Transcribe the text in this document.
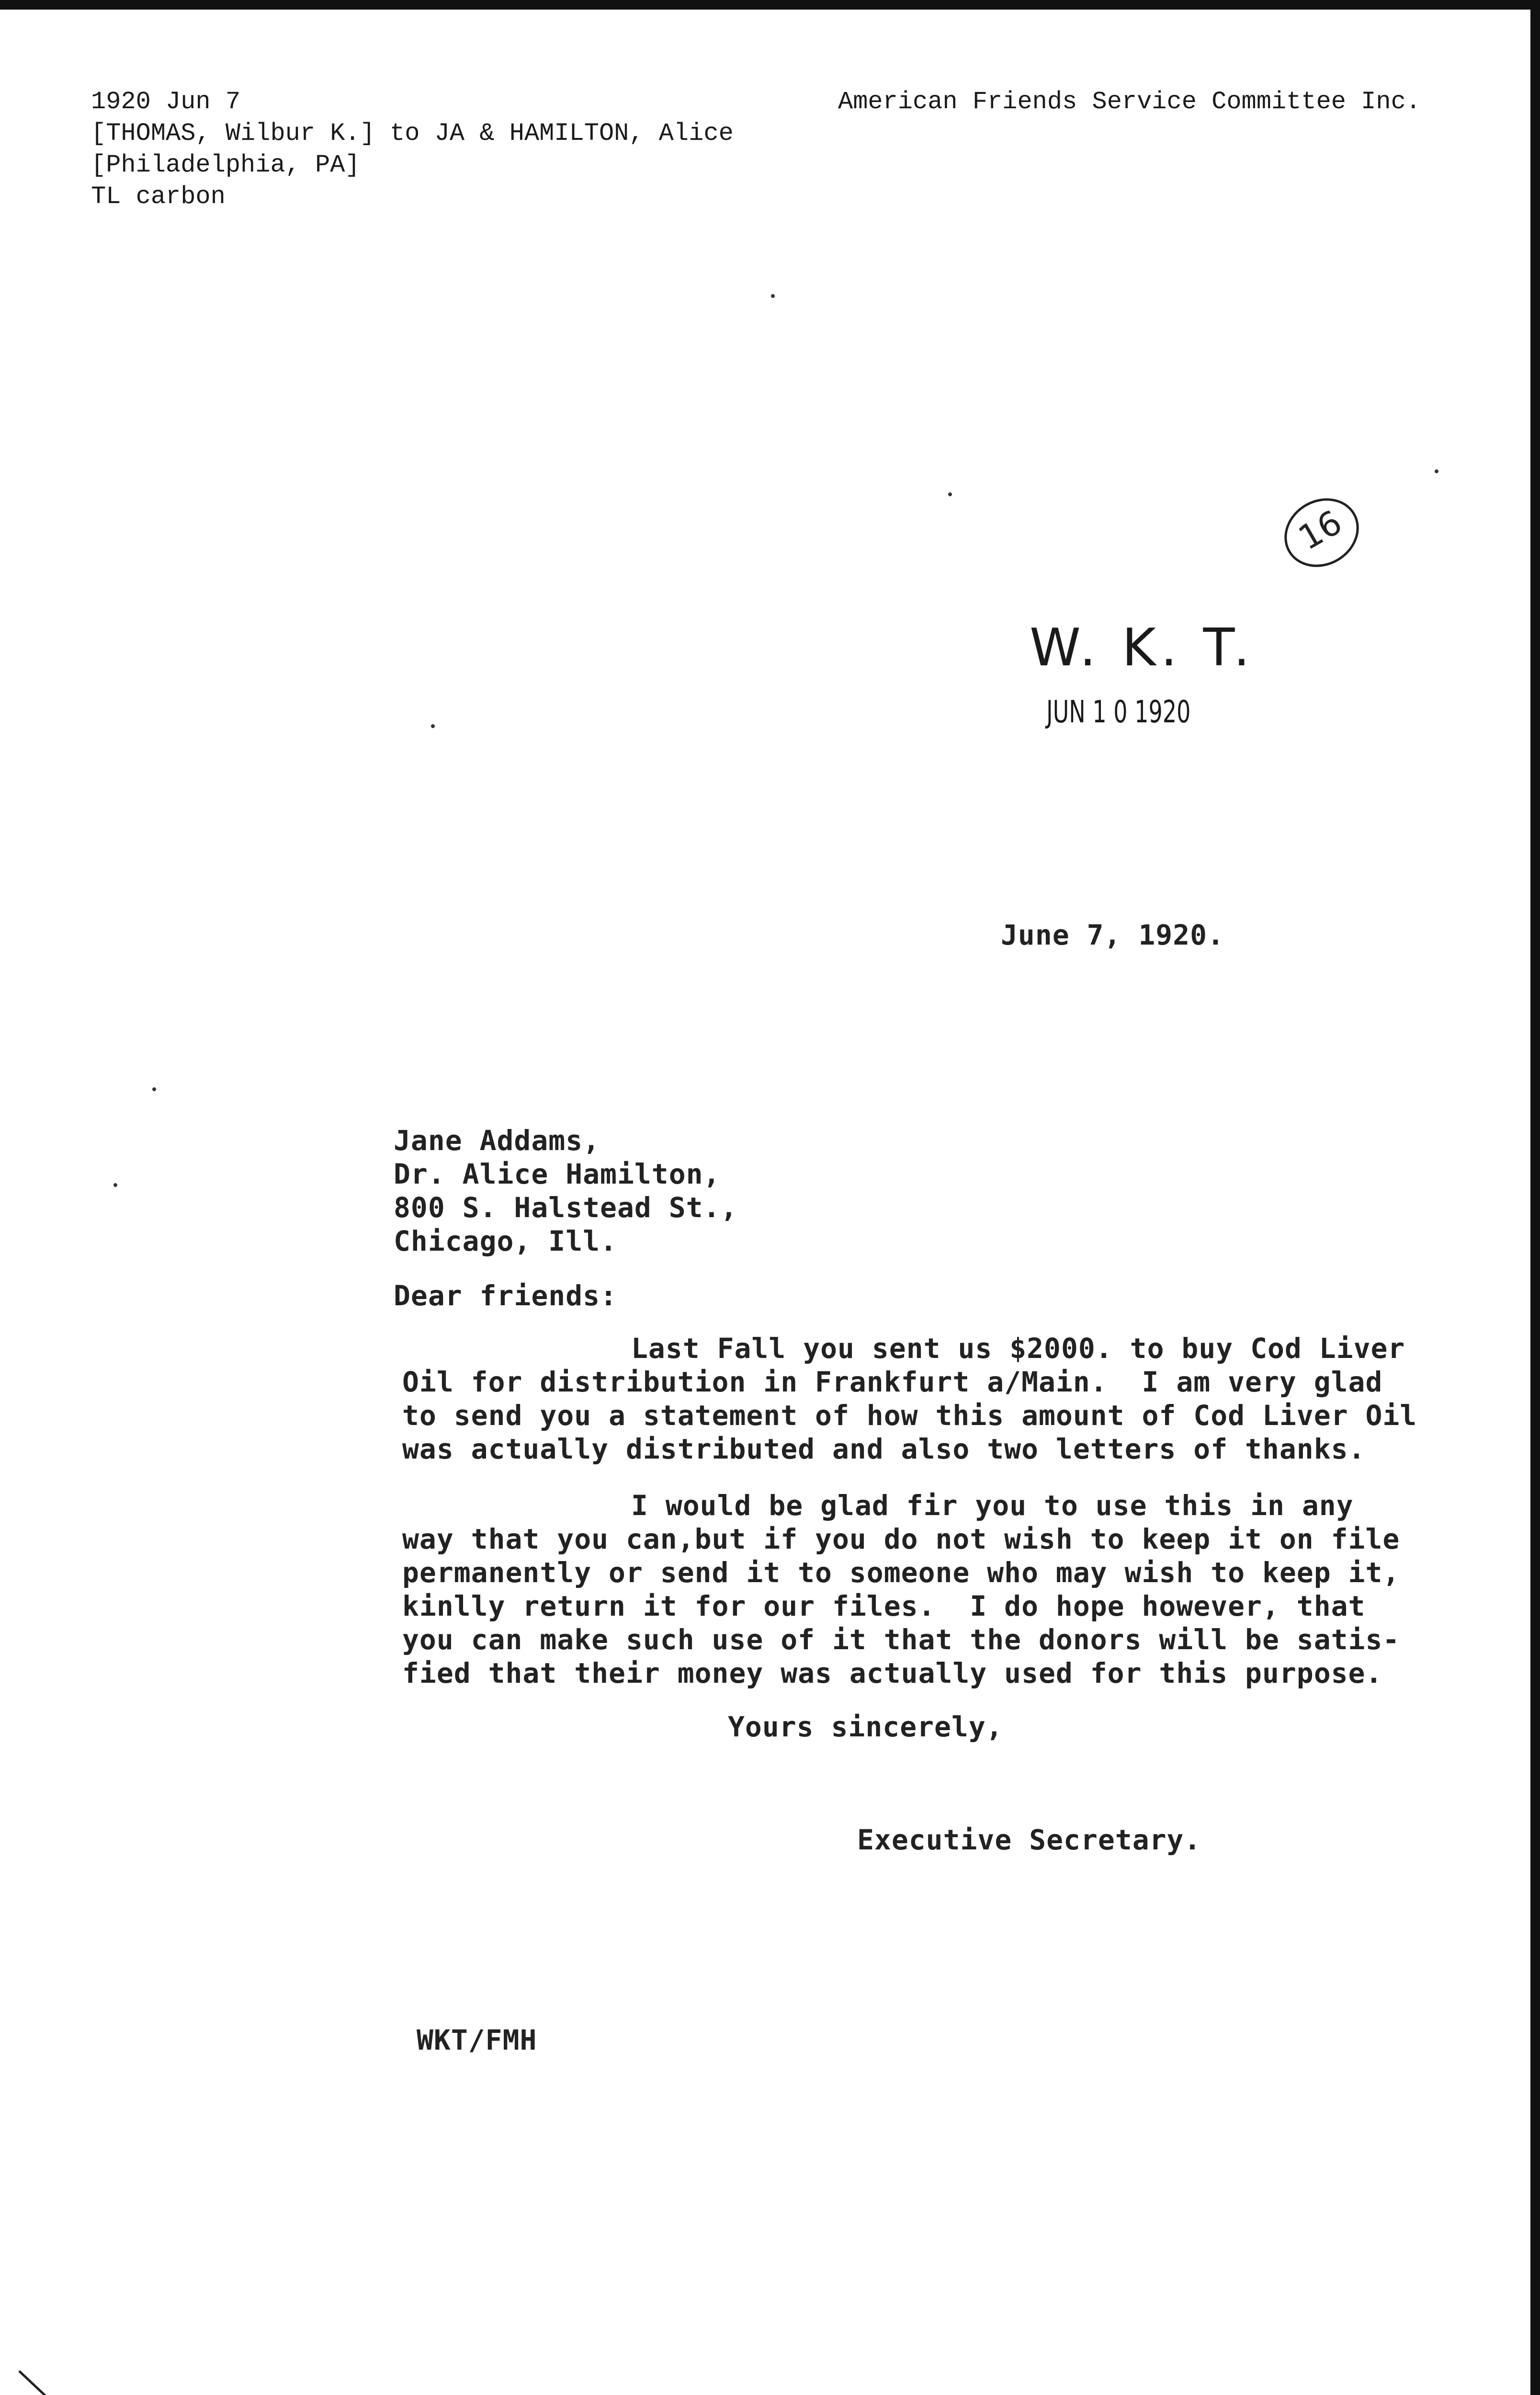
1920 Jun 7
[THOMAS, Wilbur K.] to JA & HAMILTON, Alice
[Philadelphia, PA]
TL carbon
American Friends Service Committee Inc.
16
W. K. T.
JUN 1 0 1920
June 7, 1920.
Jane Addams,
Dr. Alice Hamilton,
800 S. Halstead St.,
Chicago, Ill.
Dear friends:
Last Fall you sent us $2000. to buy Cod Liver
Oil for distribution in Frankfurt a/Main.  I am very glad
to send you a statement of how this amount of Cod Liver Oil
was actually distributed and also two letters of thanks.
I would be glad fir you to use this in any
way that you can,but if you do not wish to keep it on file
permanently or send it to someone who may wish to keep it,
kinlly return it for our files.  I do hope however, that
you can make such use of it that the donors will be satis-
fied that their money was actually used for this purpose.
Yours sincerely,
Executive Secretary.
WKT/FMH
